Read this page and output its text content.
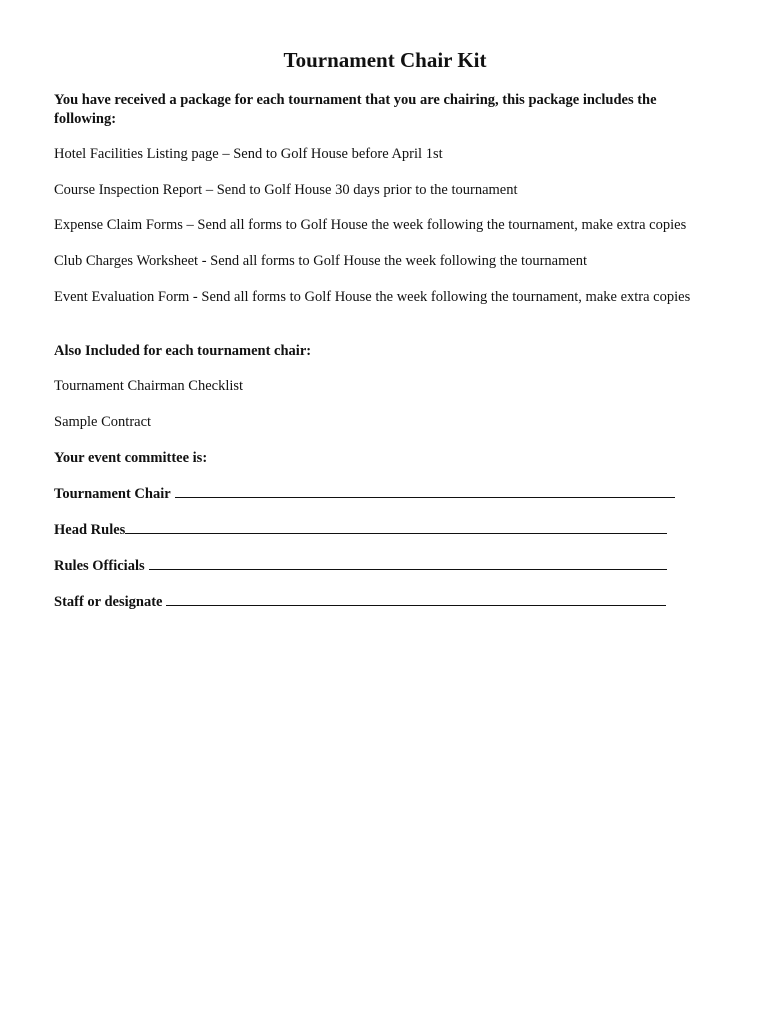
Tournament Chair Kit

You have received a package for each tournament that you are chairing, this package includes the following:

Hotel Facilities Listing page – Send to Golf House before April 1st

Course Inspection Report – Send to Golf House 30 days prior to the tournament

Expense Claim Forms – Send all forms to Golf House the week following the tournament, make extra copies

Club Charges Worksheet - Send all forms to Golf House the week following the tournament

Event Evaluation Form - Send all forms to Golf House the week following the tournament, make extra copies

Also Included for each tournament chair:

Tournament Chairman Checklist

Sample Contract

Your event committee is:

Tournament Chair
Head Rules
Rules Officials
Staff or designate
